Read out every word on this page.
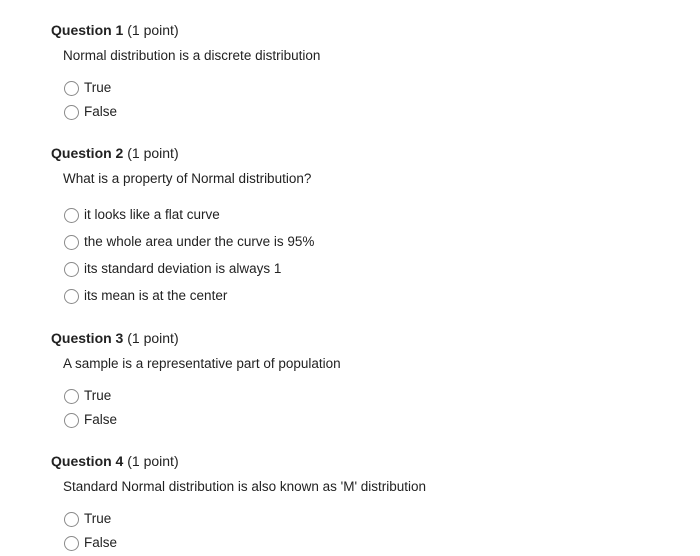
Question 1 (1 point)
Normal distribution is a discrete distribution
True
False
Question 2 (1 point)
What is a property of Normal distribution?
it looks like a flat curve
the whole area under the curve is 95%
its standard deviation is always 1
its mean is at the center
Question 3 (1 point)
A sample is a representative part of population
True
False
Question 4 (1 point)
Standard Normal distribution is also known as 'M' distribution
True
False
